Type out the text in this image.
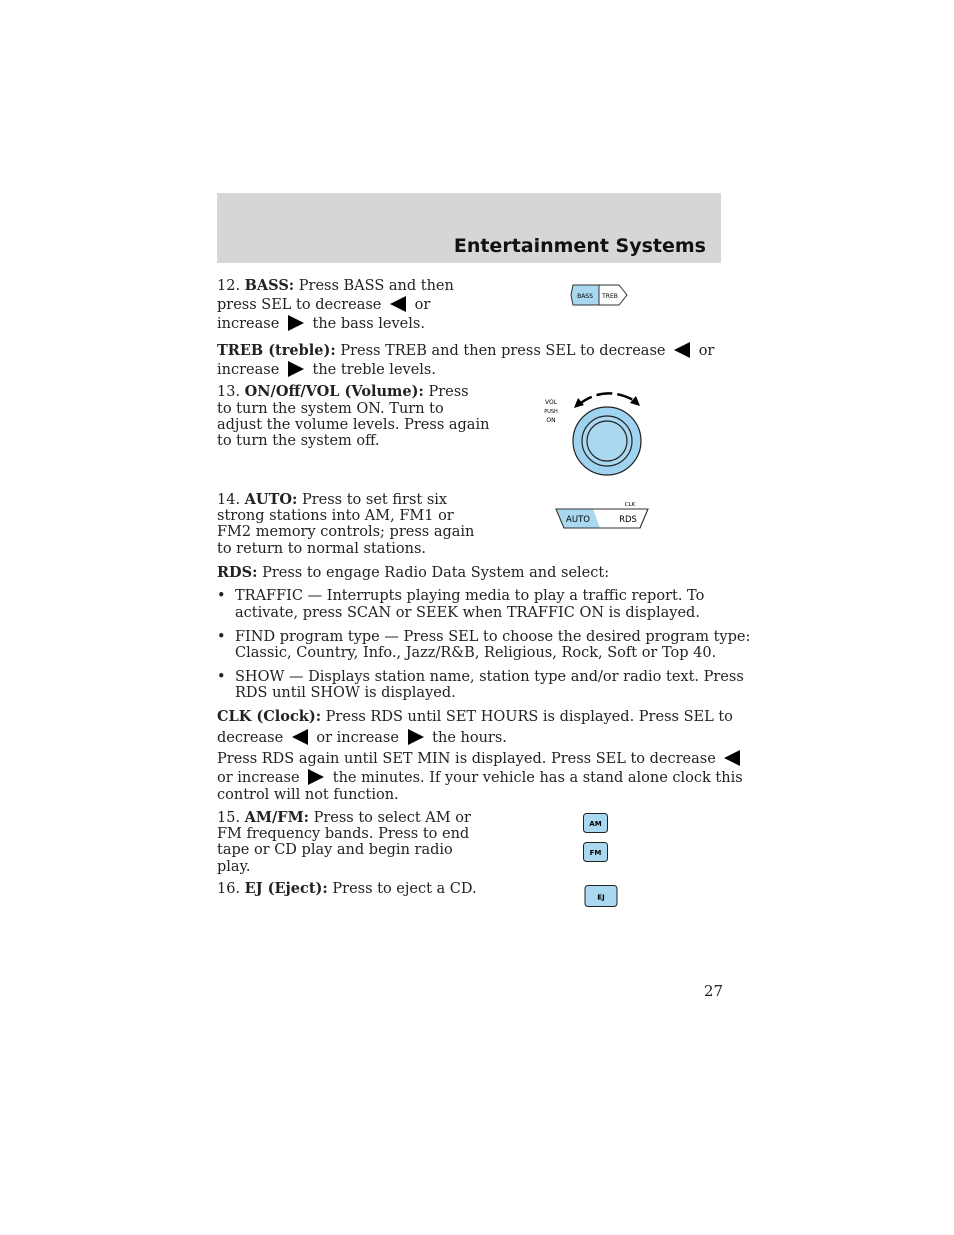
Entertainment Systems
12. BASS: Press BASS and then
press SEL to decrease or
increase the bass levels.
BASS TREB
TREB (treble): Press TREB and then press SEL to decrease or
increase the treble levels.
13. ON/Off/VOL (Volume): Press
to turn the system ON. Turn to
adjust the volume levels. Press again
to turn the system off.
VOL
PUSH
ON
14. AUTO: Press to set first six
strong stations into AM, FM1 or
FM2 memory controls; press again
to return to normal stations.
CLK
AUTO	RDS
RDS: Press to engage Radio Data System and select:
• TRAFFIC — Interrupts playing media to play a traffic report. To
activate, press SCAN or SEEK when TRAFFIC ON is displayed.
• FIND program type — Press SEL to choose the desired program type:
Classic, Country, Info., Jazz/R&B, Religious, Rock, Soft or Top 40.
• SHOW — Displays station name, station type and/or radio text. Press
RDS until SHOW is displayed.
CLK (Clock): Press RDS until SET HOURS is displayed. Press SEL to
decrease or increase the hours.
Press RDS again until SET MIN is displayed. Press SEL to decrease
or increase the minutes. If your vehicle has a stand alone clock this
control will not function.
15. AM/FM: Press to select AM or
FM frequency bands. Press to end
tape or CD play and begin radio
play.
AM
FM
16. EJ (Eject): Press to eject a CD.
EJ
27
